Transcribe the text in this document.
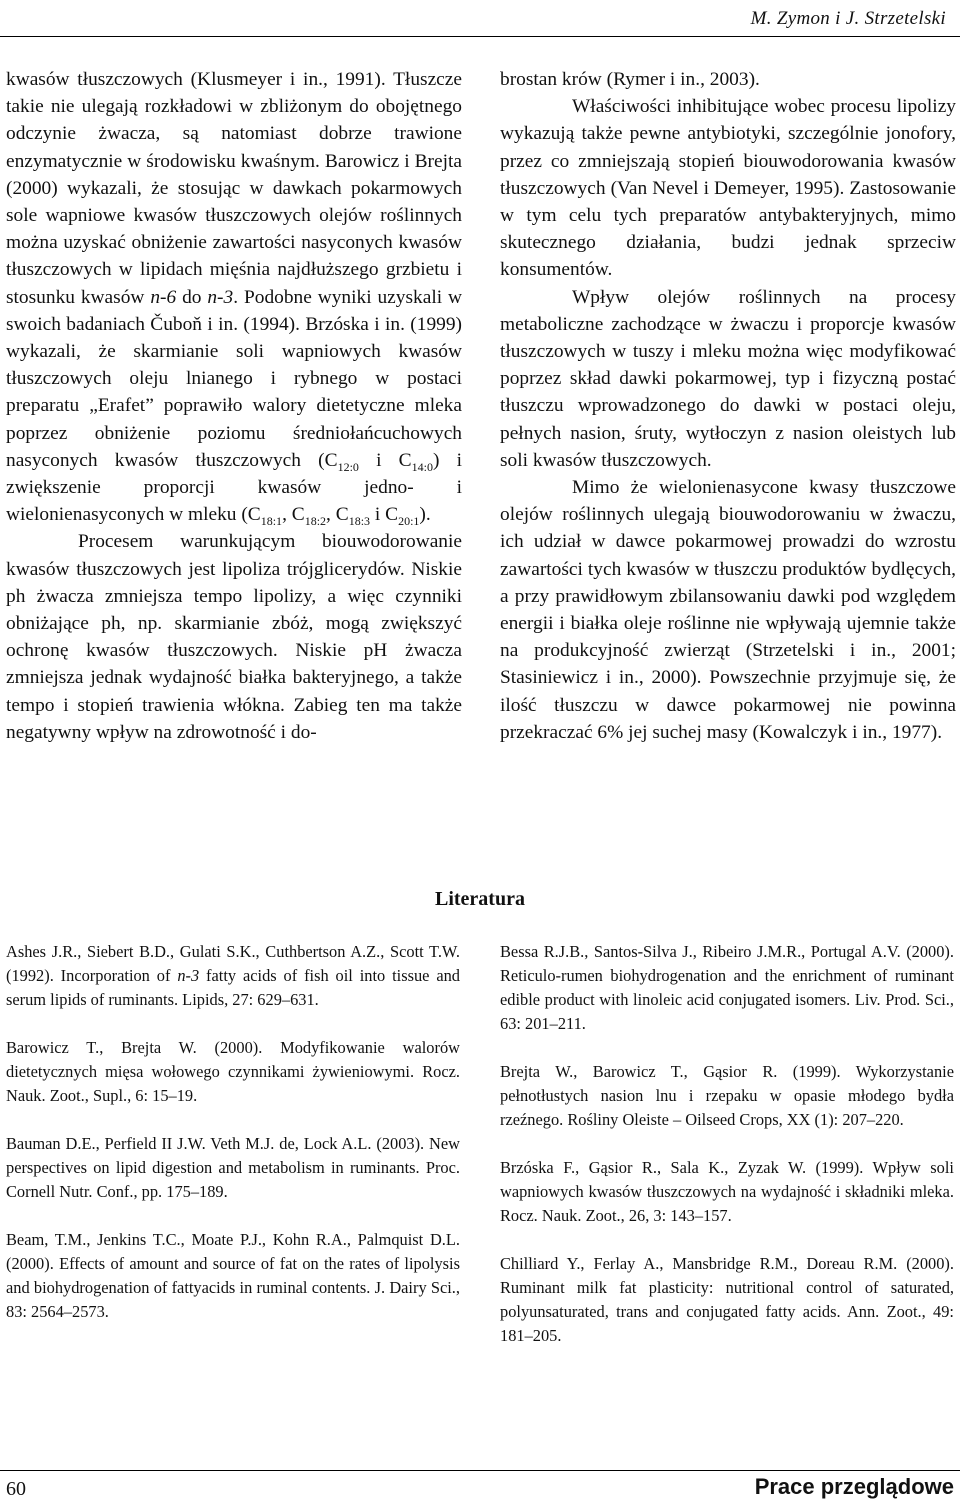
M. Zymon i J. Strzetelski

kwasów tłuszczowych (Klusmeyer i in., 1991). Tłuszcze takie nie ulegają rozkładowi w zbliżonym do obojętnego odczynie żwacza, są natomiast dobrze trawione enzymatycznie w środowisku kwaśnym. Barowicz i Brejta (2000) wykazali, że stosując w dawkach pokarmowych sole wapniowe kwasów tłuszczowych olejów roślinnych można uzyskać obniżenie zawartości nasyconych kwasów tłuszczowych w lipidach mięśnia najdłuższego grzbietu i stosunku kwasów n-6 do n-3. Podobne wyniki uzyskali w swoich badaniach Čuboň i in. (1994). Brzóska i in. (1999) wykazali, że skarmianie soli wapniowych kwasów tłuszczowych oleju lnianego i rybnego w postaci preparatu „Erafet” poprawiło walory dietetyczne mleka poprzez obniżenie poziomu średniołańcuchowych nasyconych kwasów tłuszczowych ($C_{12:0}$ i $C_{14:0}$) i zwiększenie proporcji kwasów jedno- i wielonienasyconych w mleku ($C_{18:1}$, $C_{18:2}$, $C_{18:3}$ i $C_{20:1}$).

Procesem warunkującym biouwodorowanie kwasów tłuszczowych jest lipoliza trójglicerydów. Niskie ph żwacza zmniejsza tempo lipolizy, a więc czynniki obniżające ph, np. skarmianie zbóż, mogą zwiększyć ochronę kwasów tłuszczowych. Niskie pH żwacza zmniejsza jednak wydajność białka bakteryjnego, a także tempo i stopień trawienia włókna. Zabieg ten ma także negatywny wpływ na zdrowotność i do-

brostan krów (Rymer i in., 2003).

Właściwości inhibitujące wobec procesu lipolizy wykazują także pewne antybiotyki, szczególnie jonofory, przez co zmniejszają stopień biouwodorowania kwasów tłuszczowych (Van Nevel i Demeyer, 1995). Zastosowanie w tym celu tych preparatów antybakteryjnych, mimo skutecznego działania, budzi jednak sprzeciw konsumentów.

Wpływ olejów roślinnych na procesy metaboliczne zachodzące w żwaczu i proporcje kwasów tłuszczowych w tuszy i mleku można więc modyfikować poprzez skład dawki pokarmowej, typ i fizyczną postać tłuszczu wprowadzonego do dawki w postaci oleju, pełnych nasion, śruty, wytłoczyn z nasion oleistych lub soli kwasów tłuszczowych.

Mimo że wielonienasycone kwasy tłuszczowe olejów roślinnych ulegają biouwodorowaniu w żwaczu, ich udział w dawce pokarmowej prowadzi do wzrostu zawartości tych kwasów w tłuszczu produktów bydlęcych, a przy prawidłowym zbilansowaniu dawki pod względem energii i białka oleje roślinne nie wpływają ujemnie także na produkcyjność zwierząt (Strzetelski i in., 2001; Stasiniewicz i in., 2000). Powszechnie przyjmuje się, że ilość tłuszczu w dawce pokarmowej nie powinna przekraczać 6% jej suchej masy (Kowalczyk i in., 1977).

Literatura

Ashes J.R., Siebert B.D., Gulati S.K., Cuthbertson A.Z., Scott T.W. (1992). Incorporation of n-3 fatty acids of fish oil into tissue and serum lipids of ruminants. Lipids, 27: 629–631.

Barowicz T., Brejta W. (2000). Modyfikowanie walorów dietetycznych mięsa wołowego czynnikami żywieniowymi. Rocz. Nauk. Zoot., Supl., 6: 15–19.

Bauman D.E., Perfield II J.W. Veth M.J. de, Lock A.L. (2003). New perspectives on lipid digestion and metabolism in ruminants. Proc. Cornell Nutr. Conf., pp. 175–189.

Beam, T.M., Jenkins T.C., Moate P.J., Kohn R.A., Palmquist D.L. (2000). Effects of amount and source of fat on the rates of lipolysis and biohydrogenation of fattyacids in ruminal contents. J. Dairy Sci., 83: 2564–2573.

Bessa R.J.B., Santos-Silva J., Ribeiro J.M.R., Portugal A.V. (2000). Reticulo-rumen biohydrogenation and the enrichment of ruminant edible product with linoleic acid conjugated isomers. Liv. Prod. Sci., 63: 201–211.

Brejta W., Barowicz T., Gąsior R. (1999). Wykorzystanie pełnotłustych nasion lnu i rzepaku w opasie młodego bydła rzeźnego. Rośliny Oleiste – Oilseed Crops, XX (1): 207–220.

Brzóska F., Gąsior R., Sala K., Zyzak W. (1999). Wpływ soli wapniowych kwasów tłuszczowych na wydajność i składniki mleka. Rocz. Nauk. Zoot., 26, 3: 143–157.

Chilliard Y., Ferlay A., Mansbridge R.M., Doreau R.M. (2000). Ruminant milk fat plasticity: nutritional control of saturated, polyunsaturated, trans and conjugated fatty acids. Ann. Zoot., 49: 181–205.

60	Prace przeglądowe
